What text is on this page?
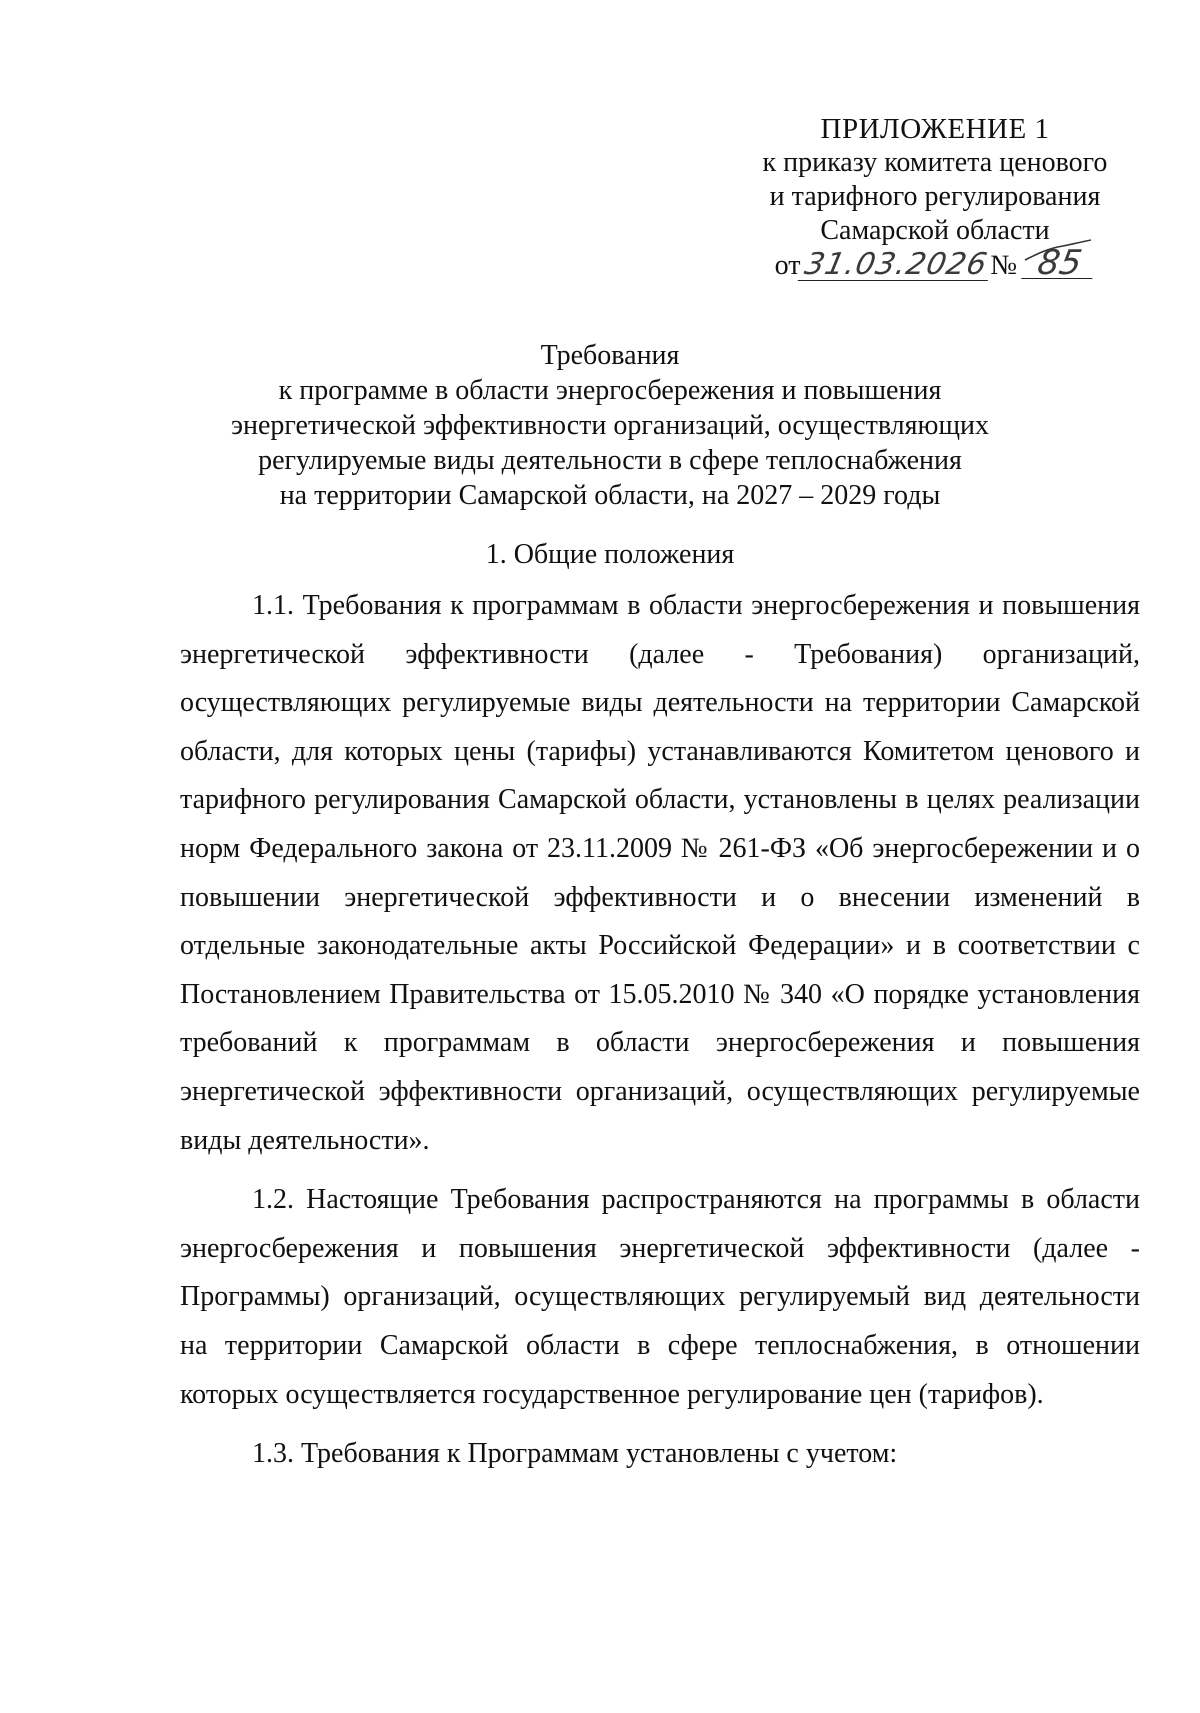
ПРИЛОЖЕНИЕ 1
к приказу комитета ценового
и тарифного регулирования
Самарской области
от31.03.2026№ 85
Требования
к программе в области энергосбережения и повышения
энергетической эффективности организаций, осуществляющих
регулируемые виды деятельности в сфере теплоснабжения
на территории Самарской области, на 2027 – 2029 годы
1. Общие положения

1.1. Требования к программам в области энергосбережения и повышения энергетической эффективности (далее - Требования) организаций, осуществляющих регулируемые виды деятельности на территории Самарской области, для которых цены (тарифы) устанавливаются Комитетом ценового и тарифного регулирования Самарской области, установлены в целях реализации норм Федерального закона от 23.11.2009 № 261-ФЗ «Об энергосбережении и о повышении энергетической эффективности и о внесении изменений в отдельные законодательные акты Российской Федерации» и в соответствии с Постановлением Правительства от 15.05.2010 № 340 «О порядке установления требований к программам в области энергосбережения и повышения энергетической эффективности организаций, осуществляющих регулируемые виды деятельности».

1.2. Настоящие Требования распространяются на программы в области энергосбережения и повышения энергетической эффективности (далее - Программы) организаций, осуществляющих регулируемый вид деятельности на территории Самарской области в сфере теплоснабжения, в отношении которых осуществляется государственное регулирование цен (тарифов).

1.3. Требования к Программам установлены с учетом:
